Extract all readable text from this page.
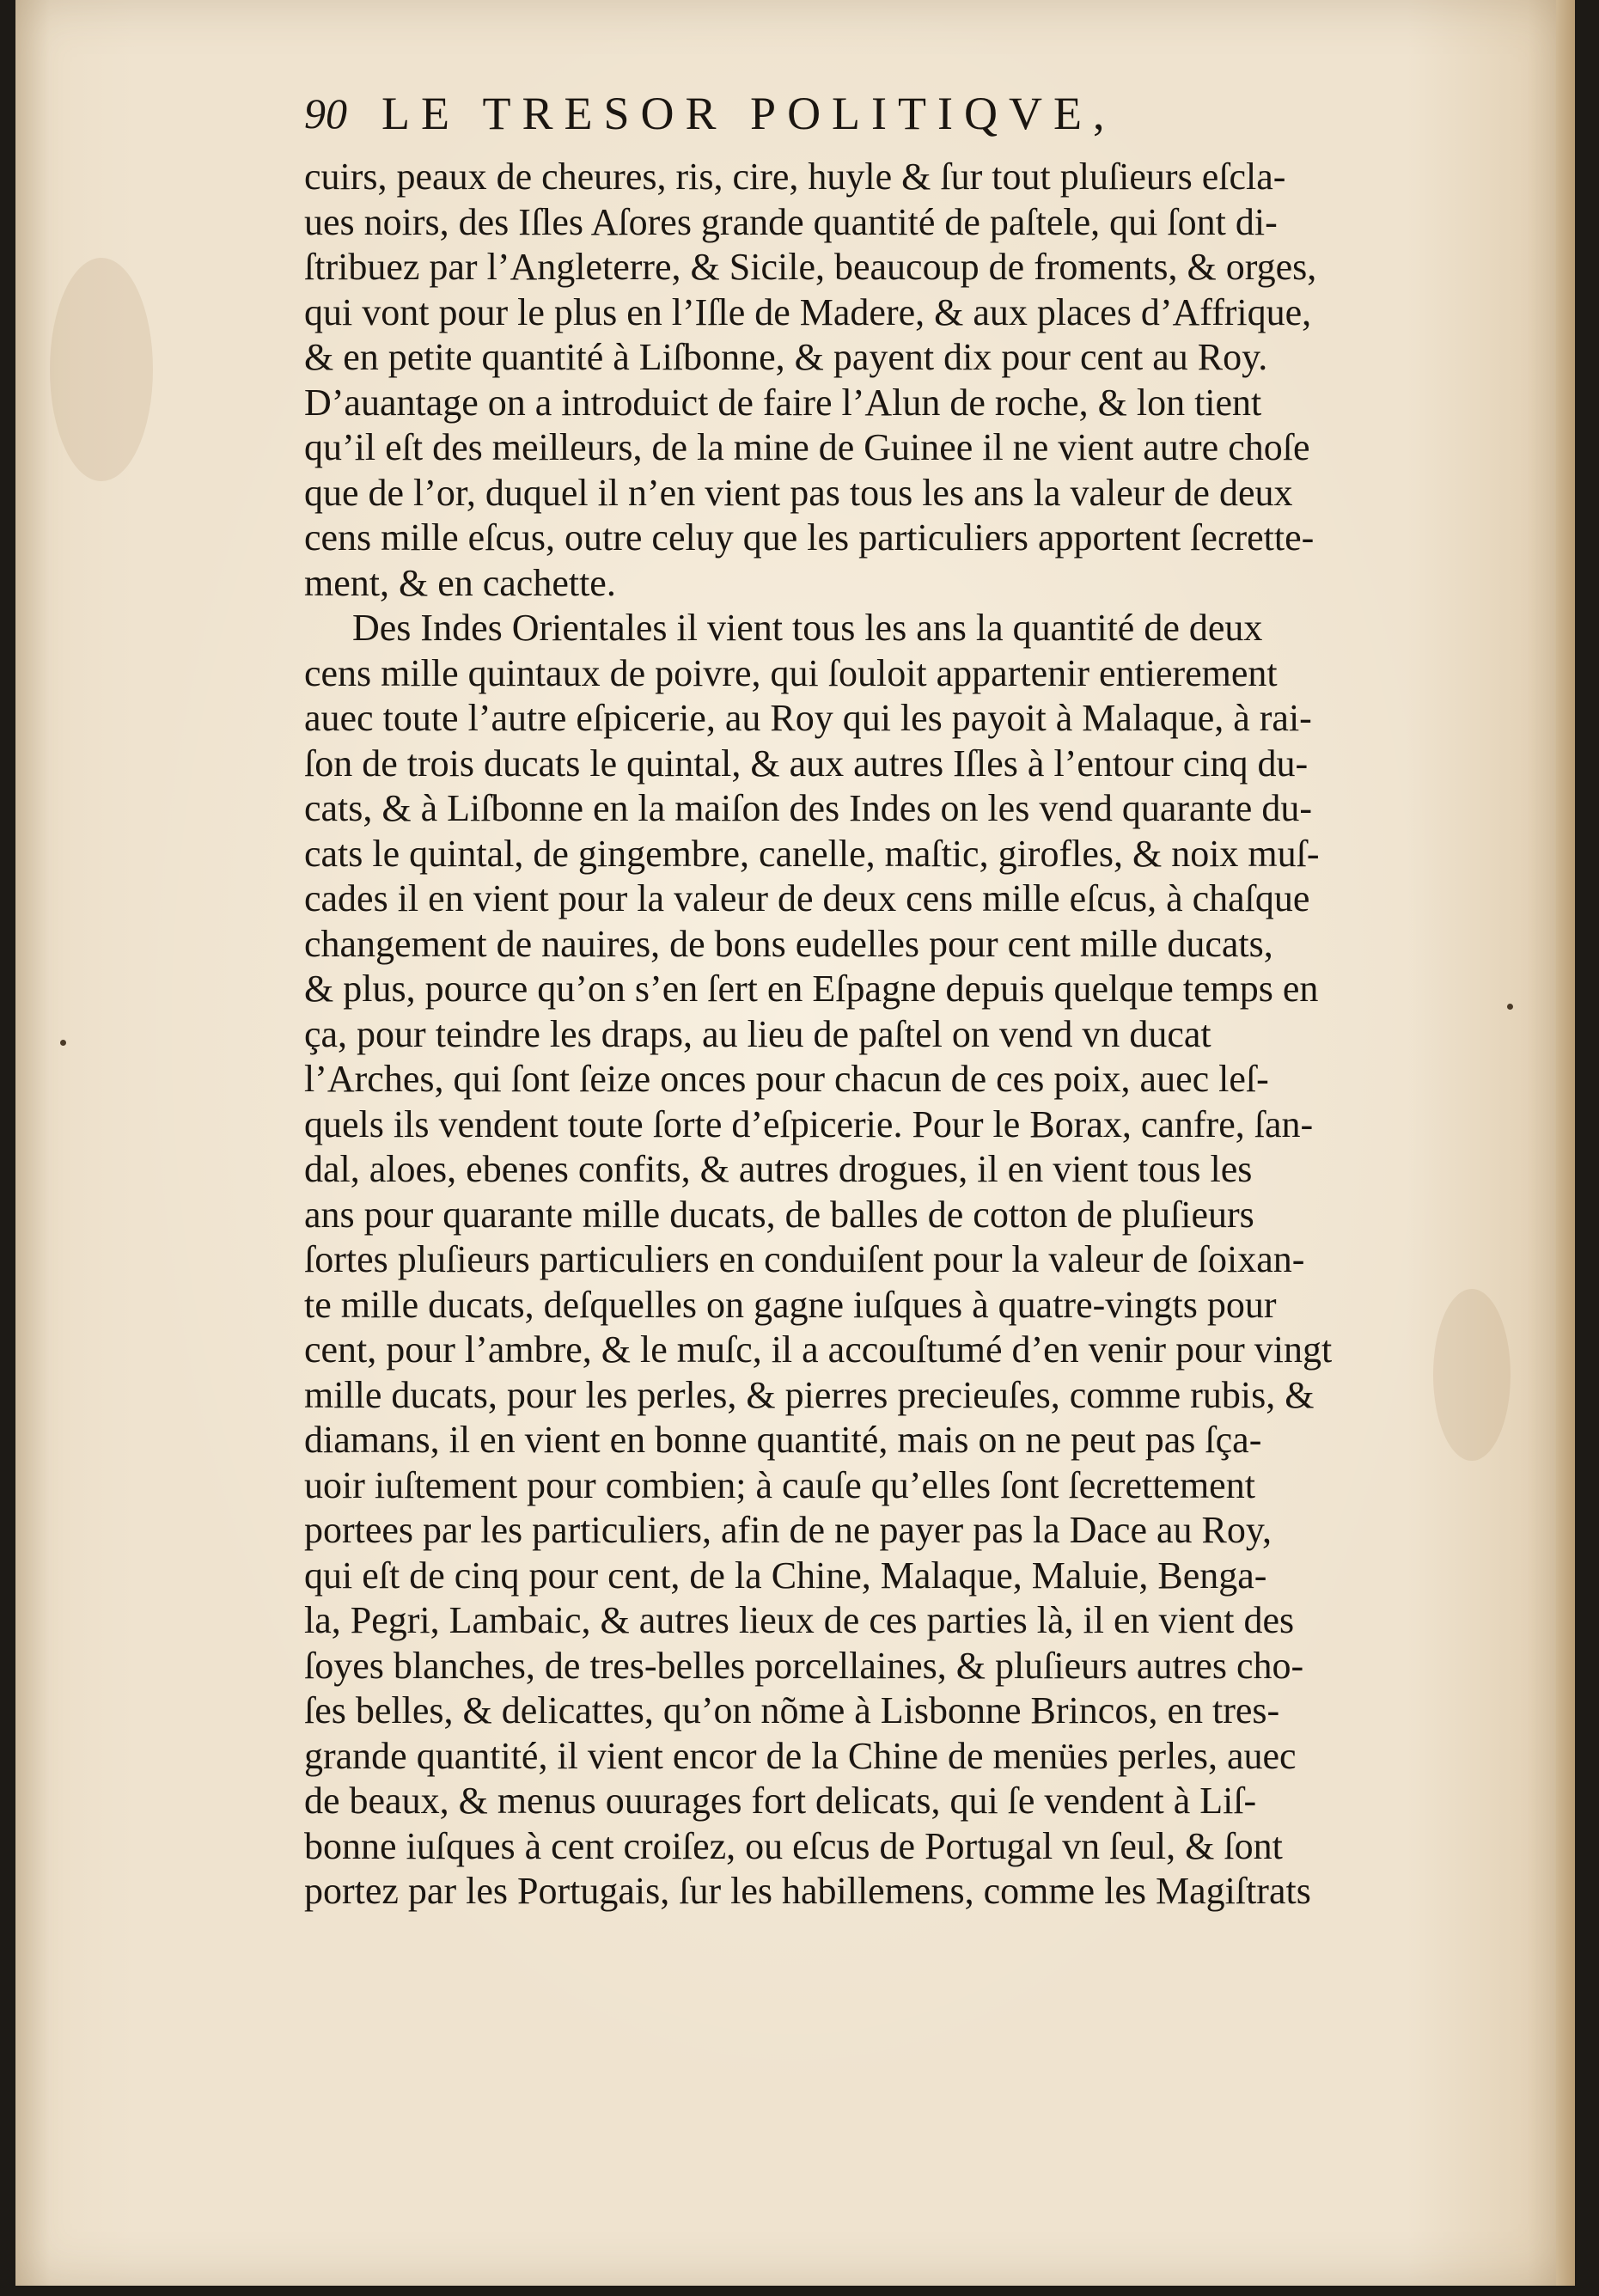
90 LE TRESOR POLITIQVE,
cuirs, peaux de cheures, ris, cire, huyle & ſur tout pluſieurs eſcla-
ues noirs, des Iſles Aſores grande quantité de paſtele, qui ſont di-
ſtribuez par l’Angleterre, & Sicile, beaucoup de froments, & orges,
qui vont pour le plus en l’Iſle de Madere, & aux places d’Affrique,
& en petite quantité à Liſbonne, & payent dix pour cent au Roy.
D’auantage on a introduict de faire l’Alun de roche, & lon tient
qu’il eſt des meilleurs, de la mine de Guinee il ne vient autre choſe
que de l’or, duquel il n’en vient pas tous les ans la valeur de deux
cens mille eſcus, outre celuy que les particuliers apportent ſecrette-
ment, & en cachette.
Des Indes Orientales il vient tous les ans la quantité de deux
cens mille quintaux de poivre, qui ſouloit appartenir entierement
auec toute l’autre eſpicerie, au Roy qui les payoit à Malaque, à rai-
ſon de trois ducats le quintal, & aux autres Iſles à l’entour cinq du-
cats, & à Liſbonne en la maiſon des Indes on les vend quarante du-
cats le quintal, de gingembre, canelle, maſtic, girofles, & noix muſ-
cades il en vient pour la valeur de deux cens mille eſcus, à chaſque
changement de nauires, de bons eudelles pour cent mille ducats,
& plus, pource qu’on s’en ſert en Eſpagne depuis quelque temps en
ça, pour teindre les draps, au lieu de paſtel on vend vn ducat
l’Arches, qui ſont ſeize onces pour chacun de ces poix, auec leſ-
quels ils vendent toute ſorte d’eſpicerie. Pour le Borax, canfre, ſan-
dal, aloes, ebenes confits, & autres drogues, il en vient tous les
ans pour quarante mille ducats, de balles de cotton de pluſieurs
ſortes pluſieurs particuliers en conduiſent pour la valeur de ſoixan-
te mille ducats, deſquelles on gagne iuſques à quatre-vingts pour
cent, pour l’ambre, & le muſc, il a accouſtumé d’en venir pour vingt
mille ducats, pour les perles, & pierres precieuſes, comme rubis, &
diamans, il en vient en bonne quantité, mais on ne peut pas ſça-
uoir iuſtement pour combien; à cauſe qu’elles ſont ſecrettement
portees par les particuliers, afin de ne payer pas la Dace au Roy,
qui eſt de cinq pour cent, de la Chine, Malaque, Maluie, Benga-
la, Pegri, Lambaic, & autres lieux de ces parties là, il en vient des
ſoyes blanches, de tres-belles porcellaines, & pluſieurs autres cho-
ſes belles, & delicattes, qu’on nõme à Lisbonne Brincos, en tres-
grande quantité, il vient encor de la Chine de menües perles, auec
de beaux, & menus ouurages fort delicats, qui ſe vendent à Liſ-
bonne iuſques à cent croiſez, ou eſcus de Portugal vn ſeul, & ſont
portez par les Portugais, ſur les habillemens, comme les Magiſtrats
